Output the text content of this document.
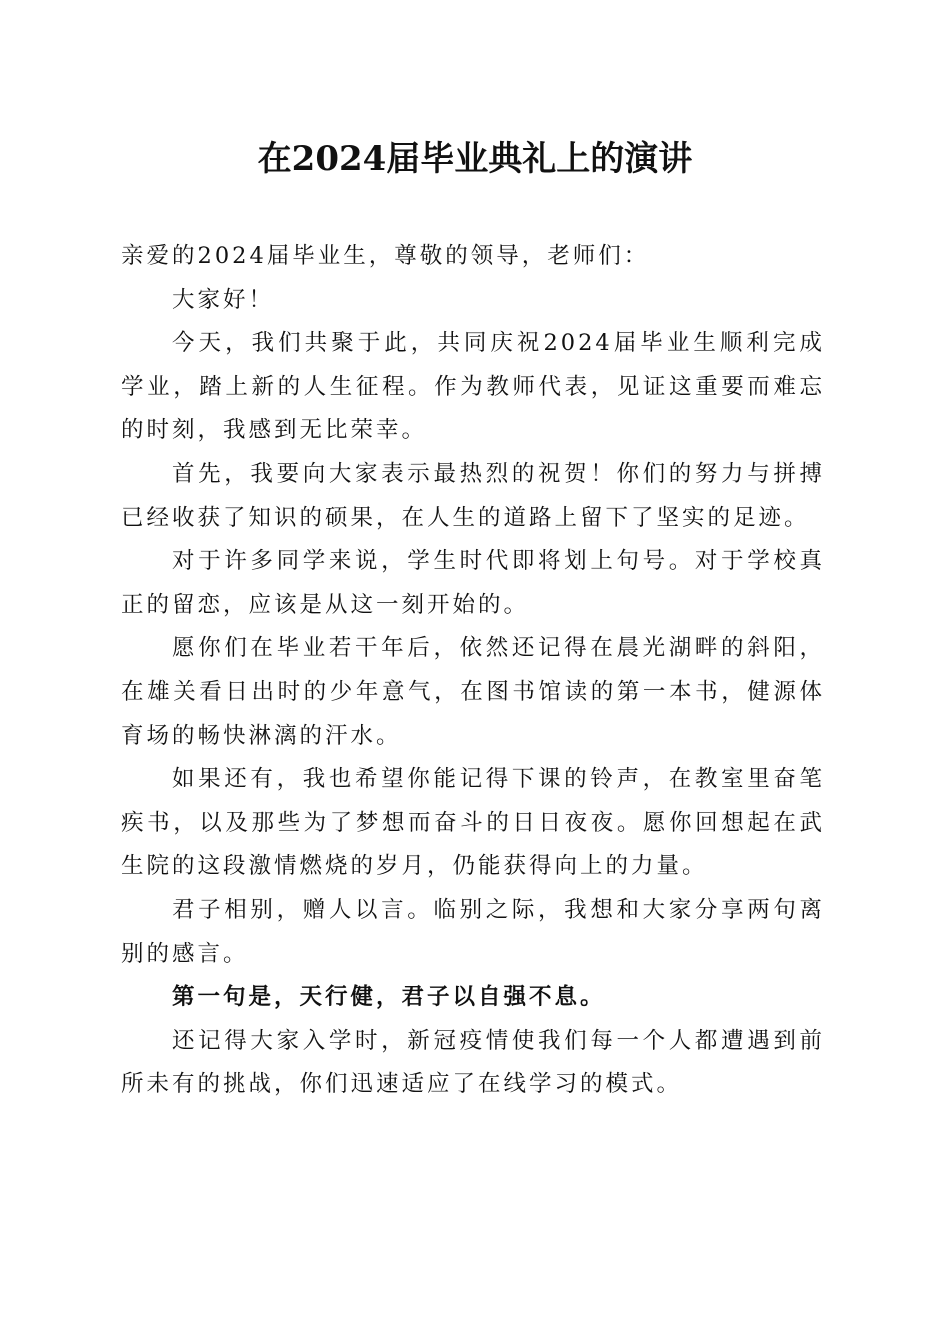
在2024届毕业典礼上的演讲

亲爱的2024届毕业生，尊敬的领导，老师们：

大家好！

今天，我们共聚于此，共同庆祝2024届毕业生顺利完成学业，踏上新的人生征程。作为教师代表，见证这重要而难忘的时刻，我感到无比荣幸。

首先，我要向大家表示最热烈的祝贺！你们的努力与拼搏已经收获了知识的硕果，在人生的道路上留下了坚实的足迹。

对于许多同学来说，学生时代即将划上句号。对于学校真正的留恋，应该是从这一刻开始的。

愿你们在毕业若干年后，依然还记得在晨光湖畔的斜阳，在雄关看日出时的少年意气，在图书馆读的第一本书，健源体育场的畅快淋漓的汗水。

如果还有，我也希望你能记得下课的铃声，在教室里奋笔疾书，以及那些为了梦想而奋斗的日日夜夜。愿你回想起在武生院的这段激情燃烧的岁月，仍能获得向上的力量。

君子相别，赠人以言。临别之际，我想和大家分享两句离别的感言。

第一句是，天行健，君子以自强不息。

还记得大家入学时，新冠疫情使我们每一个人都遭遇到前所未有的挑战，你们迅速适应了在线学习的模式。
